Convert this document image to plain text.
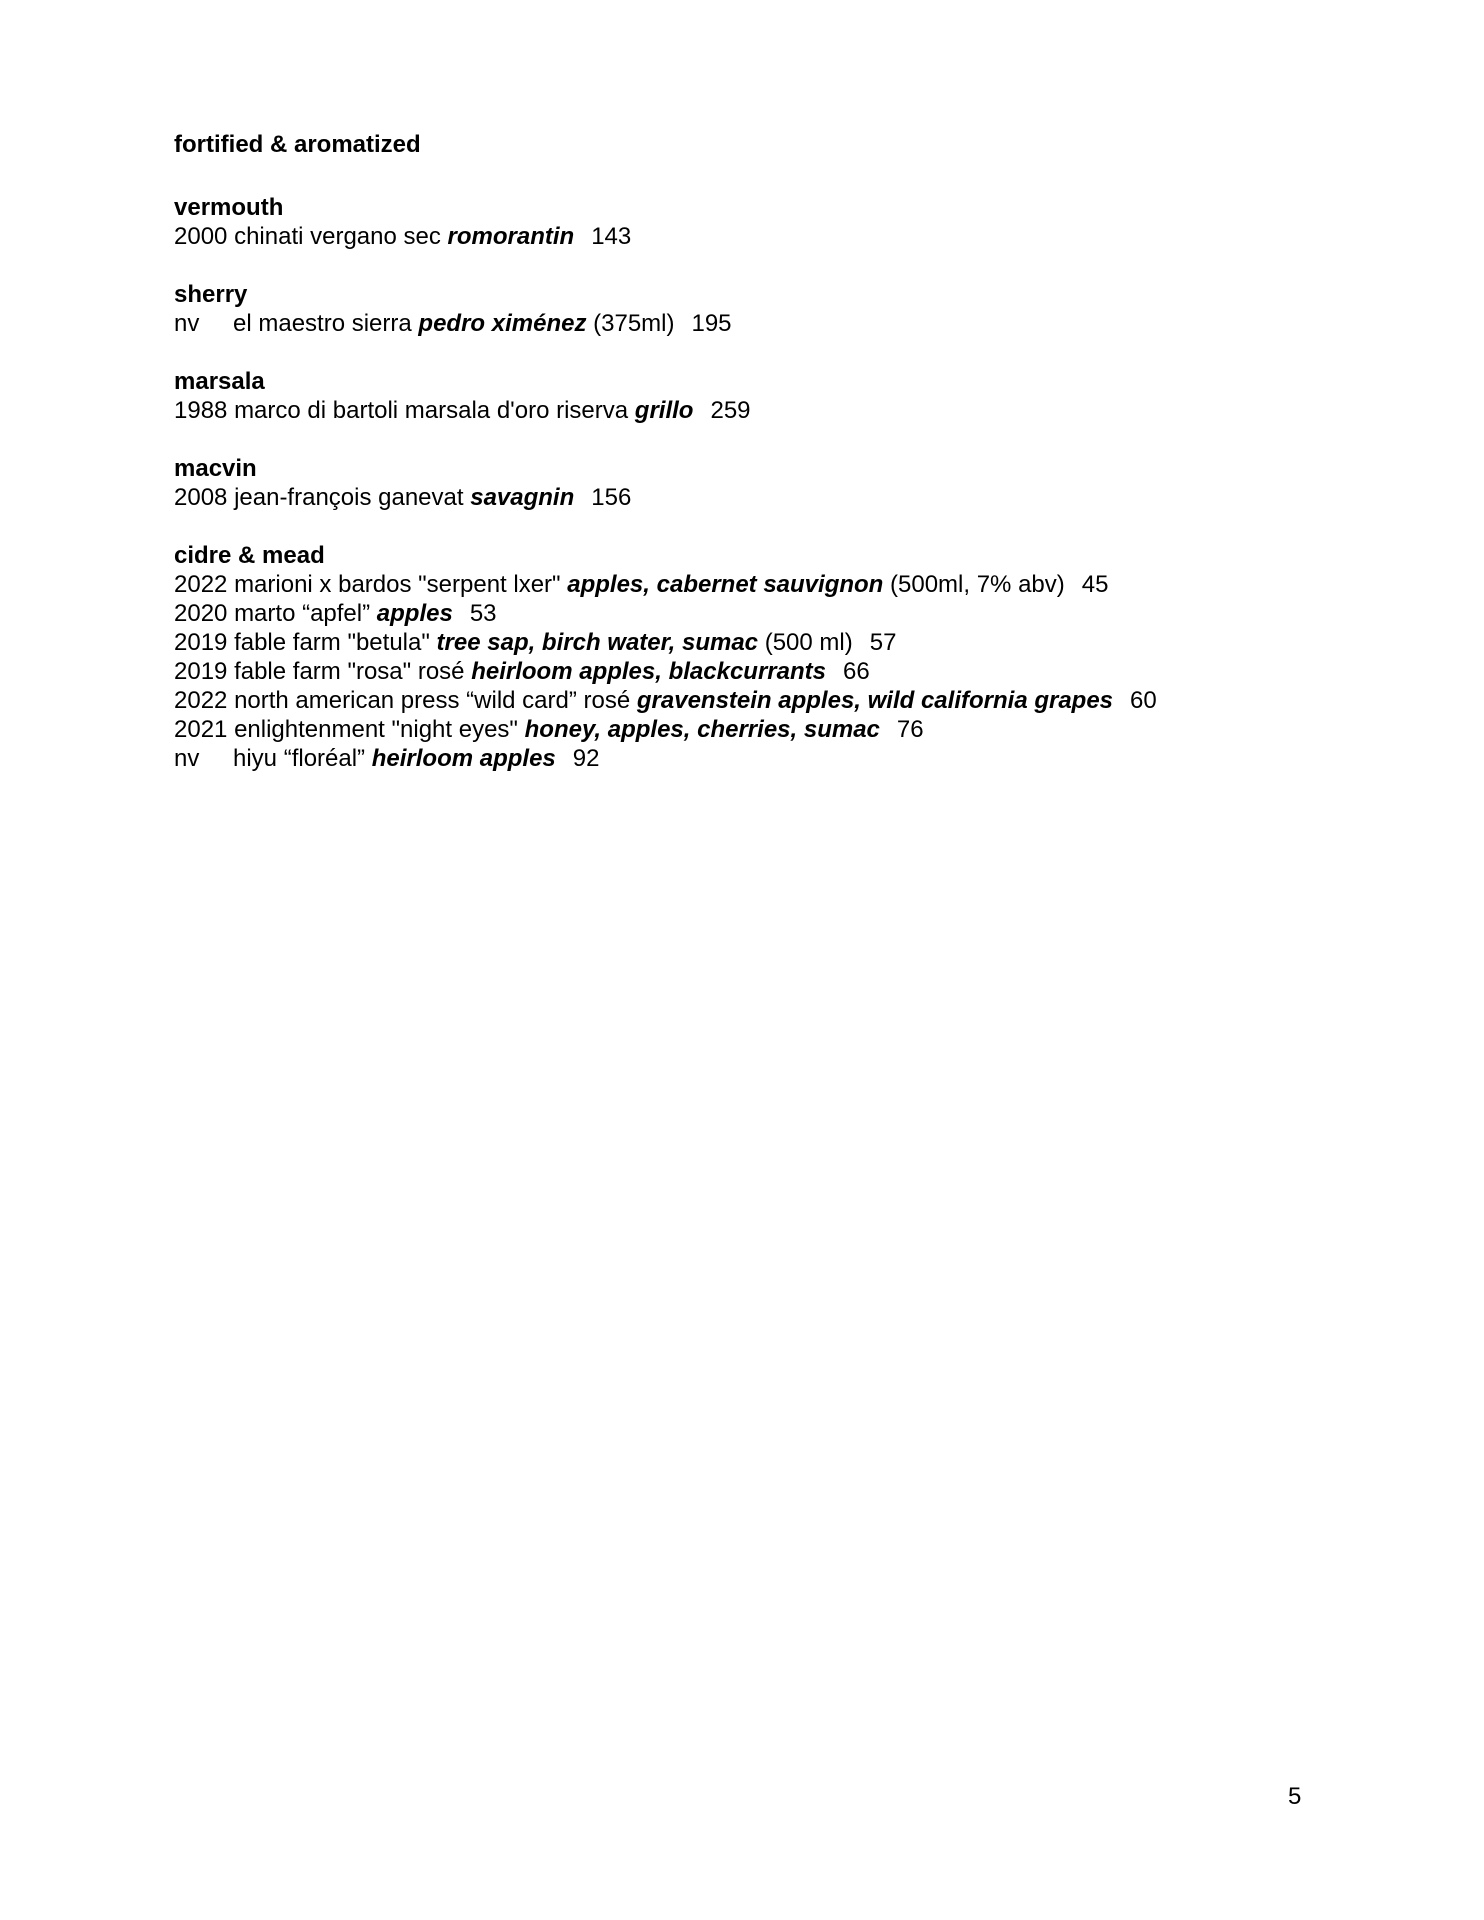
fortified & aromatized
vermouth
2000 chinati vergano sec romorantin 143
sherry
nv el maestro sierra pedro ximénez (375ml) 195
marsala
1988 marco di bartoli marsala d'oro riserva grillo 259
macvin
2008 jean-françois ganevat savagnin 156
cidre & mead
2022 marioni x bardos "serpent lxer" apples, cabernet sauvignon (500ml, 7% abv) 45
2020 marto “apfel” apples 53
2019 fable farm "betula" tree sap, birch water, sumac (500 ml) 57
2019 fable farm "rosa" rosé heirloom apples, blackcurrants 66
2022 north american press “wild card” rosé gravenstein apples, wild california grapes 60
2021 enlightenment "night eyes" honey, apples, cherries, sumac 76
nv hiyu “floréal” heirloom apples 92
5
